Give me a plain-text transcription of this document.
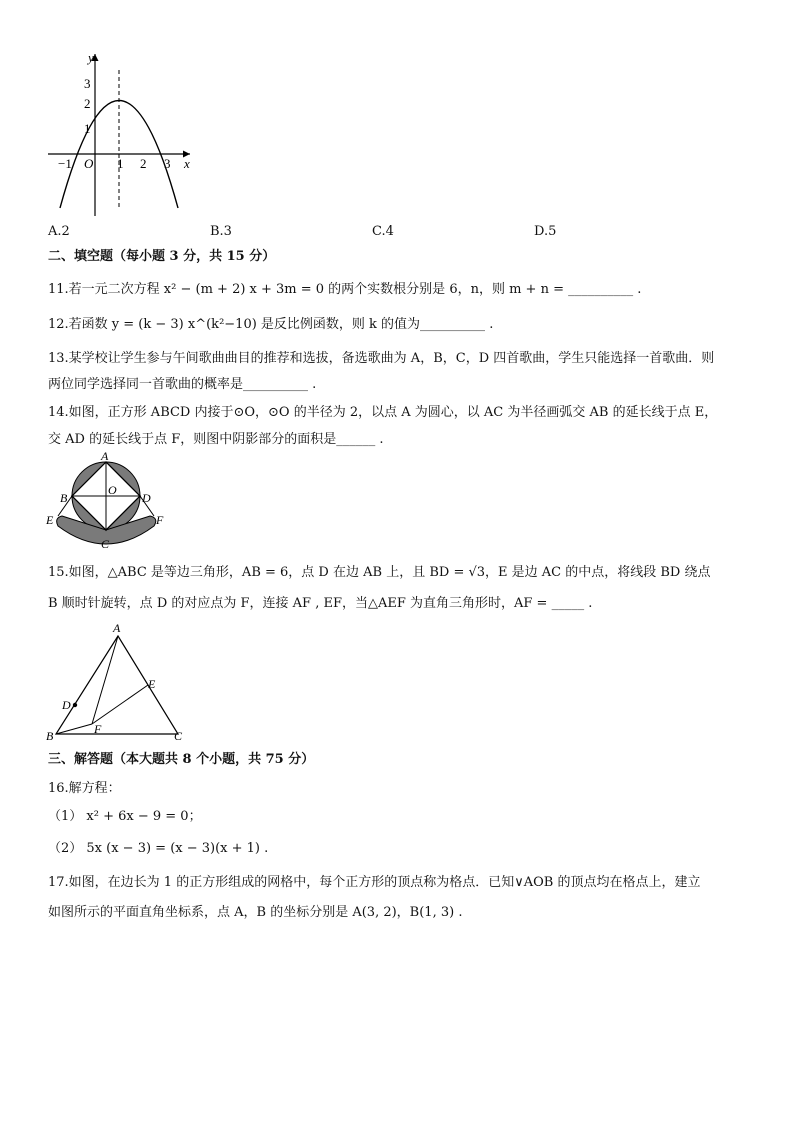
y
x
O
−1	1 2 3
3
2
1
A.2	B.3	C.4	D.5
二、填空题（每小题 3 分，共 15 分）
11.若一元二次方程 x² − (m + 2) x + 3m = 0 的两个实数根分别是 6，n，则 m + n = __________ .
12.若函数 y = (k − 3) x^(k²−10) 是反比例函数，则 k 的值为__________ .
13.某学校让学生参与午间歌曲曲目的推荐和选拔，备选歌曲为 A，B，C，D 四首歌曲，学生只能选择一首歌曲．则
两位同学选择同一首歌曲的概率是__________ .
14.如图，正方形 ABCD 内接于⊙O，⊙O 的半径为 2，以点 A 为圆心，以 AC 为半径画弧交 AB 的延长线于点 E，
交 AD 的延长线于点 F，则图中阴影部分的面积是______ .
A
B
O
D
E	F
C
15.如图，△ABC 是等边三角形，AB = 6，点 D 在边 AB 上，且 BD = √3，E 是边 AC 的中点，将线段 BD 绕点
B 顺时针旋转，点 D 的对应点为 F，连接 AF , EF，当△AEF 为直角三角形时，AF = _____ .
A
D
E
F
B	C
三、解答题（本大题共 8 个小题，共 75 分）
16.解方程：
（1） x² + 6x − 9 = 0；
（2） 5x (x − 3) = (x − 3)(x + 1) .
17.如图，在边长为 1 的正方形组成的网格中，每个正方形的顶点称为格点．已知∨AOB 的顶点均在格点上，建立
如图所示的平面直角坐标系，点 A，B 的坐标分别是 A(3, 2)，B(1, 3) .
